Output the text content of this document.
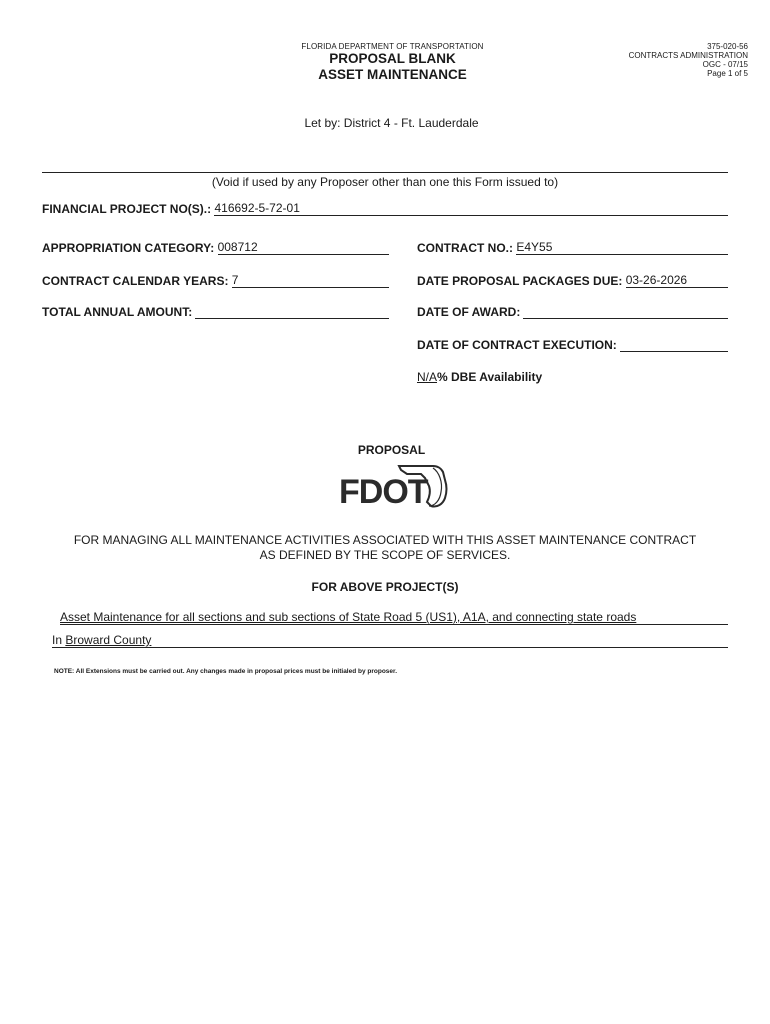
FLORIDA DEPARTMENT OF TRANSPORTATION
PROPOSAL BLANK
ASSET MAINTENANCE
375-020-56
CONTRACTS ADMINISTRATION
OGC - 07/15
Page 1 of 5
Let by: District 4 - Ft. Lauderdale
(Void if used by any Proposer other than one this Form issued to)
FINANCIAL PROJECT NO(S).:
416692-5-72-01
APPROPRIATION CATEGORY:
008712	CONTRACT NO.:
E4Y55
CONTRACT CALENDAR YEARS:
7	DATE PROPOSAL PACKAGES DUE:
03-26-2026
TOTAL ANNUAL AMOUNT:	DATE OF AWARD:
DATE OF CONTRACT EXECUTION:
N/A% DBE Availability
PROPOSAL
FDOT
FOR MANAGING ALL MAINTENANCE ACTIVITIES ASSOCIATED WITH THIS ASSET MAINTENANCE CONTRACT
AS DEFINED BY THE SCOPE OF SERVICES.
FOR ABOVE PROJECT(S)
Asset Maintenance for all sections and sub sections of State Road 5 (US1), A1A, and connecting state roads
In Broward County
NOTE: All Extensions must be carried out. Any changes made in proposal prices must be initialed by proposer.
